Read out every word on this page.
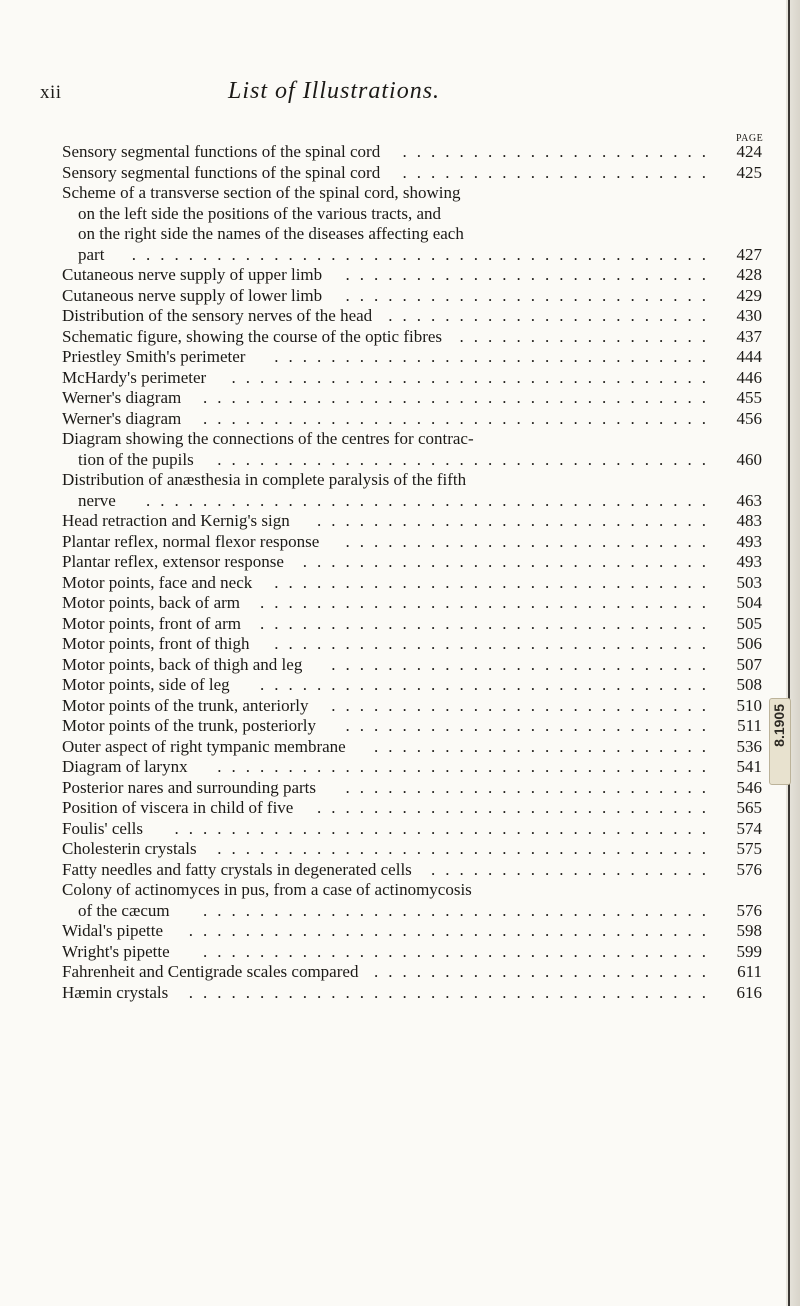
xii	List of Illustrations.
PAGE
Sensory segmental functions of the spinal cord ......................	424
Sensory segmental functions of the spinal cord ......................	425
Scheme of a transverse section of the spinal cord, showing
on the left side the positions of the various tracts, and
on the right side the names of the diseases affecting each
part .........................................	427
Cutaneous nerve supply of upper limb ..........................	428
Cutaneous nerve supply of lower limb ..........................	429
Distribution of the sensory nerves of the head .......................	430
Schematic figure, showing the course of the optic fibres ..................	437
Priestley Smith's perimeter ...............................	444
McHardy's perimeter ..................................	446
Werner's diagram ....................................	455
Werner's diagram ....................................	456
Diagram showing the connections of the centres for contrac-
tion of the pupils ...................................	460
Distribution of anæsthesia in complete paralysis of the fifth
nerve ........................................	463
Head retraction and Kernig's sign ............................	483
Plantar reflex, normal flexor response ..........................	493
Plantar reflex, extensor response .............................	493
Motor points, face and neck ...............................	503
Motor points, back of arm ................................	504
Motor points, front of arm ................................	505
Motor points, front of thigh ...............................	506
Motor points, back of thigh and leg ...........................	507
Motor points, side of leg ................................	508
Motor points of the trunk, anteriorly ...........................	510
Motor points of the trunk, posteriorly ..........................	511
Outer aspect of right tympanic membrane ........................	536
Diagram of larynx ...................................	541
Posterior nares and surrounding parts ..........................	546
Position of viscera in child of five ............................	565
Foulis' cells ......................................	574
Cholesterin crystals ...................................	575
Fatty needles and fatty crystals in degenerated cells ....................	576
Colony of actinomyces in pus, from a case of actinomycosis
of the cæcum ....................................	576
Widal's pipette .....................................	598
Wright's pipette ....................................	599
Fahrenheit and Centigrade scales compared ........................	611
Hæmin crystals .....................................	616
8.1905
